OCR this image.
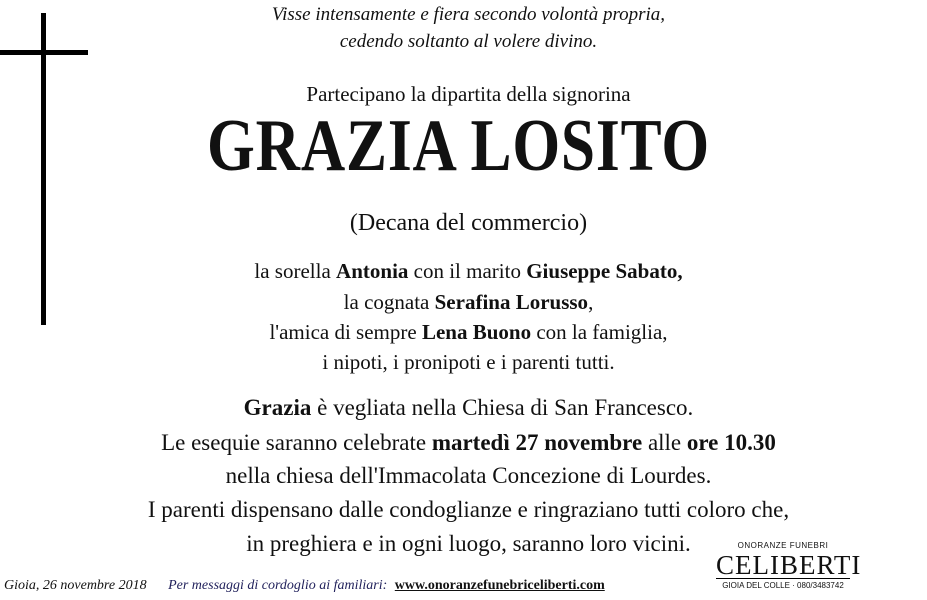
Visse intensamente e fiera secondo volontà propria,
cedendo soltanto al volere divino.
Partecipano la dipartita della signorina
GRAZIA LOSITO
(Decana del commercio)
la sorella Antonia con il marito Giuseppe Sabato,
la cognata Serafina Lorusso,
l'amica di sempre Lena Buono con la famiglia,
i nipoti, i pronipoti e i parenti tutti.
Grazia è vegliata nella Chiesa di San Francesco.
Le esequie saranno celebrate martedì 27 novembre alle ore 10.30
nella chiesa dell'Immacolata Concezione di Lourdes.
I parenti dispensano dalle condoglianze e ringraziano tutti coloro che,
in preghiera e in ogni luogo, saranno loro vicini.
Gioia, 26 novembre 2018 Per messaggi di cordoglio ai familiari: www.onoranzefunebriceliberti.com
ONORANZE FUNEBRI
CELIBERTI
GIOIA DEL COLLE · 080/3483742
